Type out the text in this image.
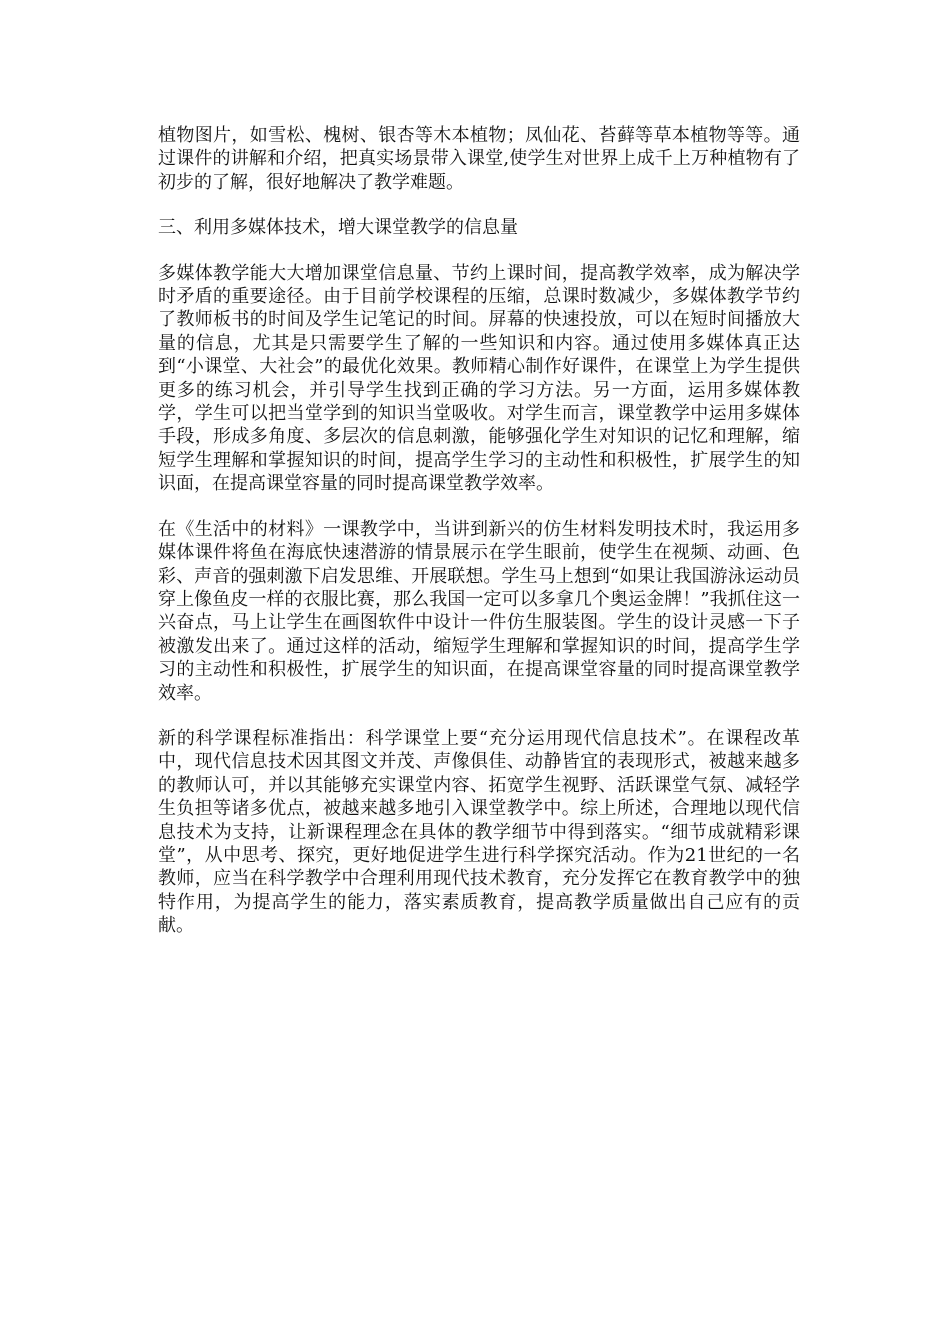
植物图片，如雪松、槐树、银杏等木本植物；凤仙花、苔藓等草本植物等等。通过课件的讲解和介绍，把真实场景带入课堂,使学生对世界上成千上万种植物有了初步的了解，很好地解决了教学难题。

三、利用多媒体技术，增大课堂教学的信息量

多媒体教学能大大增加课堂信息量、节约上课时间，提高教学效率，成为解决学时矛盾的重要途径。由于目前学校课程的压缩，总课时数减少，多媒体教学节约了教师板书的时间及学生记笔记的时间。屏幕的快速投放，可以在短时间播放大量的信息，尤其是只需要学生了解的一些知识和内容。通过使用多媒体真正达到“小课堂、大社会”的最优化效果。教师精心制作好课件，在课堂上为学生提供更多的练习机会，并引导学生找到正确的学习方法。另一方面，运用多媒体教学，学生可以把当堂学到的知识当堂吸收。对学生而言，课堂教学中运用多媒体手段，形成多角度、多层次的信息刺激，能够强化学生对知识的记忆和理解，缩短学生理解和掌握知识的时间，提高学生学习的主动性和积极性，扩展学生的知识面，在提高课堂容量的同时提高课堂教学效率。

在《生活中的材料》一课教学中，当讲到新兴的仿生材料发明技术时，我运用多媒体课件将鱼在海底快速潜游的情景展示在学生眼前，使学生在视频、动画、色彩、声音的强刺激下启发思维、开展联想。学生马上想到“如果让我国游泳运动员穿上像鱼皮一样的衣服比赛，那么我国一定可以多拿几个奥运金牌！”我抓住这一兴奋点，马上让学生在画图软件中设计一件仿生服装图。学生的设计灵感一下子被激发出来了。通过这样的活动，缩短学生理解和掌握知识的时间，提高学生学习的主动性和积极性，扩展学生的知识面，在提高课堂容量的同时提高课堂教学效率。

新的科学课程标准指出：科学课堂上要“充分运用现代信息技术”。在课程改革中，现代信息技术因其图文并茂、声像俱佳、动静皆宜的表现形式，被越来越多的教师认可，并以其能够充实课堂内容、拓宽学生视野、活跃课堂气氛、减轻学生负担等诸多优点，被越来越多地引入课堂教学中。综上所述，合理地以现代信息技术为支持，让新课程理念在具体的教学细节中得到落实。“细节成就精彩课堂”，从中思考、探究，更好地促进学生进行科学探究活动。作为21世纪的一名教师，应当在科学教学中合理利用现代技术教育，充分发挥它在教育教学中的独特作用，为提高学生的能力，落实素质教育，提高教学质量做出自己应有的贡献。
